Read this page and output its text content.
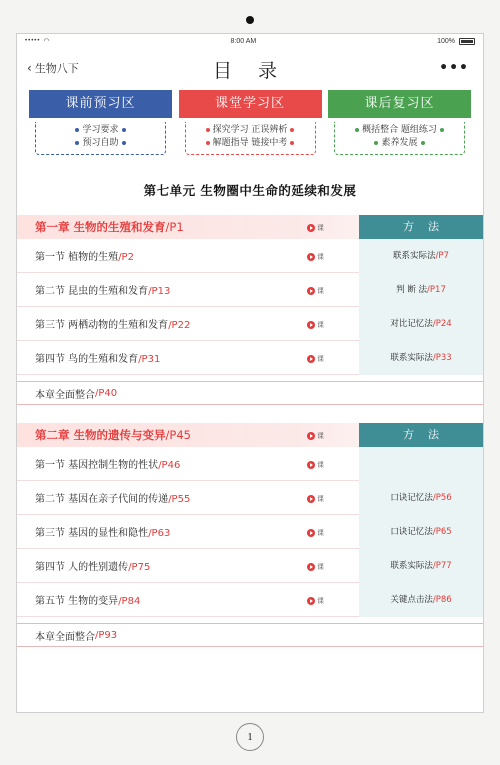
••••• ◠	8:00 AM	100%
‹ 生物八下	目 录	•••
课前预习区
学习要求
预习自助
课堂学习区
探究学习 正误辨析
解题指导 链接中考
课后复习区
概括整合 题组练习
素养发展
第七单元 生物圈中生命的延续和发展
第一章 生物的生殖和发育/P1	课	方法
第一节 植物的生殖/P2	课	联系实际法/P7
第二节 昆虫的生殖和发育/P13	课	判 断 法/P17
第三节 两栖动物的生殖和发育/P22	课	对比记忆法/P24
第四节 鸟的生殖和发育/P31	课	联系实际法/P33
本章全面整合 /P40
第二章 生物的遗传与变异/P45	课	方法
第一节 基因控制生物的性状/P46	课
第二节 基因在亲子代间的传递/P55	课	口诀记忆法/P56
第三节 基因的显性和隐性/P63	课	口诀记忆法/P65
第四节 人的性别遗传/P75	课	联系实际法/P77
第五节 生物的变异/P84	课	关键点击法/P86
本章全面整合 /P93
1
